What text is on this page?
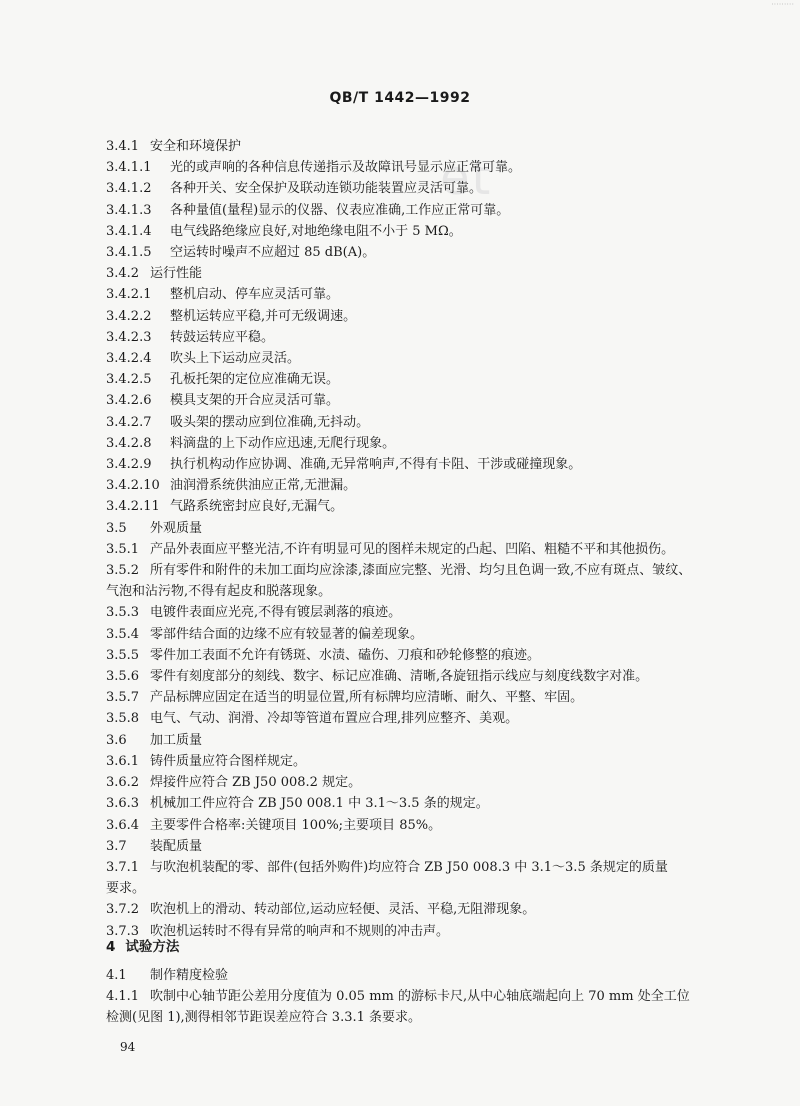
·········
et
QB/T 1442—1992
3.4.1 安全和环境保护
3.4.1.1 光的或声响的各种信息传递指示及故障讯号显示应正常可靠。
3.4.1.2 各种开关、安全保护及联动连锁功能装置应灵活可靠。
3.4.1.3 各种量值(量程)显示的仪器、仪表应准确,工作应正常可靠。
3.4.1.4 电气线路绝缘应良好,对地绝缘电阻不小于 5 MΩ。
3.4.1.5 空运转时噪声不应超过 85 dB(A)。
3.4.2 运行性能
3.4.2.1 整机启动、停车应灵活可靠。
3.4.2.2 整机运转应平稳,并可无级调速。
3.4.2.3 转鼓运转应平稳。
3.4.2.4 吹头上下运动应灵活。
3.4.2.5 孔板托架的定位应准确无误。
3.4.2.6 模具支架的开合应灵活可靠。
3.4.2.7 吸头架的摆动应到位准确,无抖动。
3.4.2.8 料滴盘的上下动作应迅速,无爬行现象。
3.4.2.9 执行机构动作应协调、准确,无异常响声,不得有卡阻、干涉或碰撞现象。
3.4.2.10 油润滑系统供油应正常,无泄漏。
3.4.2.11 气路系统密封应良好,无漏气。
3.5 外观质量
3.5.1 产品外表面应平整光洁,不许有明显可见的图样未规定的凸起、凹陷、粗糙不平和其他损伤。
3.5.2 所有零件和附件的未加工面均应涂漆,漆面应完整、光滑、均匀且色调一致,不应有斑点、皱纹、
气泡和沾污物,不得有起皮和脱落现象。
3.5.3 电镀件表面应光亮,不得有镀层剥落的痕迹。
3.5.4 零部件结合面的边缘不应有较显著的偏差现象。
3.5.5 零件加工表面不允许有锈斑、水渍、磕伤、刀痕和砂轮修整的痕迹。
3.5.6 零件有刻度部分的刻线、数字、标记应准确、清晰,各旋钮指示线应与刻度线数字对准。
3.5.7 产品标牌应固定在适当的明显位置,所有标牌均应清晰、耐久、平整、牢固。
3.5.8 电气、气动、润滑、冷却等管道布置应合理,排列应整齐、美观。
3.6 加工质量
3.6.1 铸件质量应符合图样规定。
3.6.2 焊接件应符合 ZB J50 008.2 规定。
3.6.3 机械加工件应符合 ZB J50 008.1 中 3.1～3.5 条的规定。
3.6.4 主要零件合格率:关键项目 100%;主要项目 85%。
3.7 装配质量
3.7.1 与吹泡机装配的零、部件(包括外购件)均应符合 ZB J50 008.3 中 3.1～3.5 条规定的质量
要求。
3.7.2 吹泡机上的滑动、转动部位,运动应轻便、灵活、平稳,无阻滞现象。
3.7.3 吹泡机运转时不得有异常的响声和不规则的冲击声。
4 试验方法
4.1 制作精度检验
4.1.1 吹制中心轴节距公差用分度值为 0.05 mm 的游标卡尺,从中心轴底端起向上 70 mm 处全工位
检测(见图 1),测得相邻节距误差应符合 3.3.1 条要求。
94
